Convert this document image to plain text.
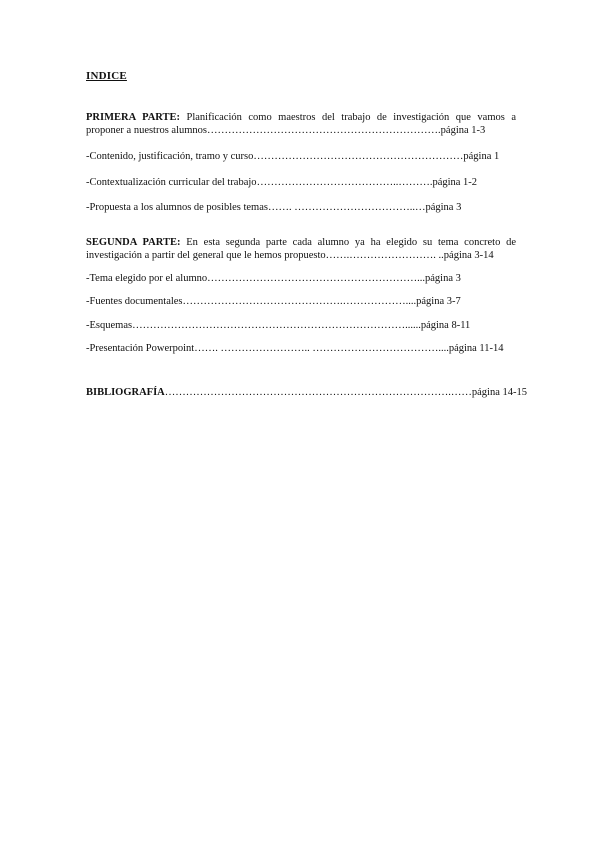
INDICE
PRIMERA PARTE: Planificación como maestros del trabajo de investigación que vamos a
proponer a nuestros alumnos………………………………………………………….página 1-3
-Contenido, justificación, tramo y curso……………………………………………………página 1
-Contextualización curricular del trabajo…………………………………..……….página 1-2
-Propuesta a los alumnos de posibles temas……. ……………………………..…página 3
SEGUNDA PARTE: En esta segunda parte cada alumno ya ha elegido su tema concreto de
investigación a partir del general que le hemos propuesto…….……………………. ..página 3-14
-Tema elegido por el alumno……………………………………………………...página 3
-Fuentes documentales……………………………………….………………....página 3-7
-Esquemas……………………………………………………………………......página 8-11
-Presentación Powerpoint……. …………………….. ………………………………....página 11-14
BIBLIOGRAFÍA……………………………………………………………………….……página 14-15
